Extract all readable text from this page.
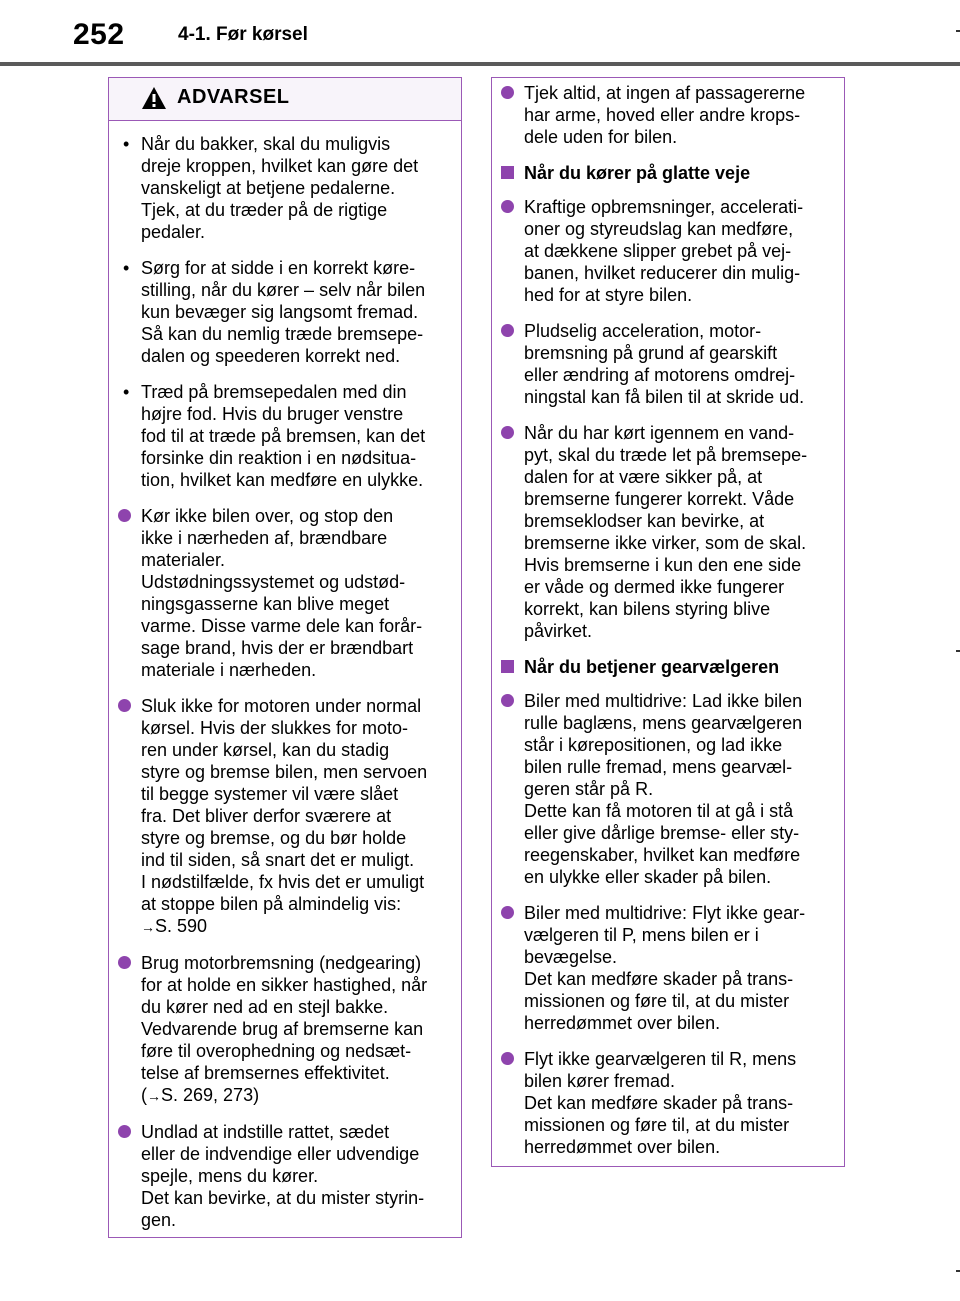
252	4-1. Før kørsel
ADVARSEL
• Når du bakker, skal du muligvis
dreje kroppen, hvilket kan gøre det
vanskeligt at betjene pedalerne.
Tjek, at du træder på de rigtige
pedaler.
• Sørg for at sidde i en korrekt køre-
stilling, når du kører – selv når bilen
kun bevæger sig langsomt fremad.
Så kan du nemlig træde bremsepe-
dalen og speederen korrekt ned.
• Træd på bremsepedalen med din
højre fod. Hvis du bruger venstre
fod til at træde på bremsen, kan det
forsinke din reaktion i en nødsitua-
tion, hvilket kan medføre en ulykke.
Kør ikke bilen over, og stop den
ikke i nærheden af, brændbare
materialer.
Udstødningssystemet og udstød-
ningsgasserne kan blive meget
varme. Disse varme dele kan forår-
sage brand, hvis der er brændbart
materiale i nærheden.
Sluk ikke for motoren under normal
kørsel. Hvis der slukkes for moto-
ren under kørsel, kan du stadig
styre og bremse bilen, men servoen
til begge systemer vil være slået
fra. Det bliver derfor sværere at
styre og bremse, og du bør holde
ind til siden, så snart det er muligt.
I nødstilfælde, fx hvis det er umuligt
at stoppe bilen på almindelig vis:
→S. 590
Brug motorbremsning (nedgearing)
for at holde en sikker hastighed, når
du kører ned ad en stejl bakke.
Vedvarende brug af bremserne kan
føre til overophedning og nedsæt-
telse af bremsernes effektivitet.
(→S. 269, 273)
Undlad at indstille rattet, sædet
eller de indvendige eller udvendige
spejle, mens du kører.
Det kan bevirke, at du mister styrin-
gen.
Tjek altid, at ingen af passagererne
har arme, hoved eller andre krops-
dele uden for bilen.
Når du kører på glatte veje
Kraftige opbremsninger, accelerati-
oner og styreudslag kan medføre,
at dækkene slipper grebet på vej-
banen, hvilket reducerer din mulig-
hed for at styre bilen.
Pludselig acceleration, motor-
bremsning på grund af gearskift
eller ændring af motorens omdrej-
ningstal kan få bilen til at skride ud.
Når du har kørt igennem en vand-
pyt, skal du træde let på bremsepe-
dalen for at være sikker på, at
bremserne fungerer korrekt. Våde
bremseklodser kan bevirke, at
bremserne ikke virker, som de skal.
Hvis bremserne i kun den ene side
er våde og dermed ikke fungerer
korrekt, kan bilens styring blive
påvirket.
Når du betjener gearvælgeren
Biler med multidrive: Lad ikke bilen
rulle baglæns, mens gearvælgeren
står i kørepositionen, og lad ikke
bilen rulle fremad, mens gearvæl-
geren står på R.
Dette kan få motoren til at gå i stå
eller give dårlige bremse- eller sty-
reegenskaber, hvilket kan medføre
en ulykke eller skader på bilen.
Biler med multidrive: Flyt ikke gear-
vælgeren til P, mens bilen er i
bevægelse.
Det kan medføre skader på trans-
missionen og føre til, at du mister
herredømmet over bilen.
Flyt ikke gearvælgeren til R, mens
bilen kører fremad.
Det kan medføre skader på trans-
missionen og føre til, at du mister
herredømmet over bilen.
